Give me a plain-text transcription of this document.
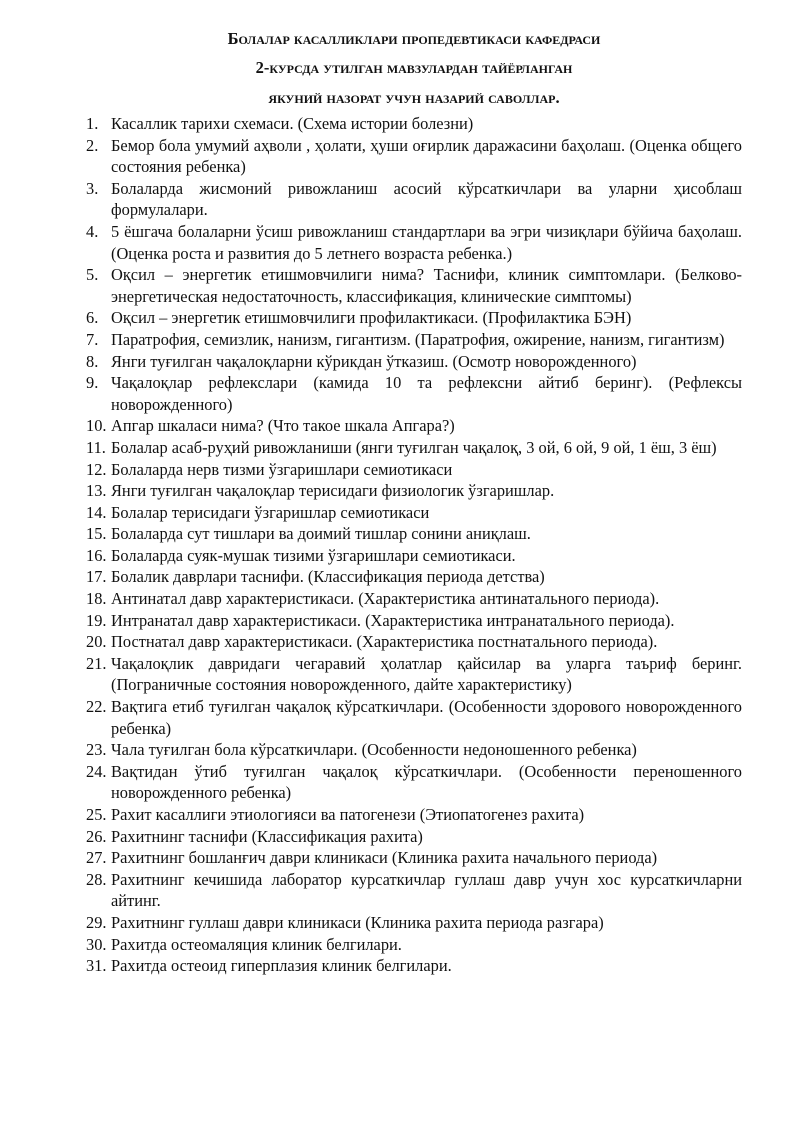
Болалар касалликлари пропедевтикаси кафедраси

2-курсда утилган мавзулардан тайёрланган

якуний назорат учун назарий саволлар.

1. Касаллик тарихи схемаси. (Схема истории болезни)
2. Бемор бола умумий аҳволи , ҳолати, ҳуши оғирлик даражасини баҳолаш. (Оценка общего состояния ребенка)
3. Болаларда жисмоний ривожланиш асосий кўрсаткичлари ва уларни ҳисоблаш формулалари.
4. 5 ёшгача болаларни ўсиш ривожланиш стандартлари ва эгри чизиқлари бўйича баҳолаш. (Оценка роста и развития до 5 летнего возраста ребенка.)
5. Оқсил – энергетик етишмовчилиги нима? Таснифи, клиник симптомлари. (Белково-энергетическая недостаточность, классификация, клинические симптомы)
6. Оқсил – энергетик етишмовчилиги профилактикаси. (Профилактика БЭН)
7. Паратрофия, семизлик, нанизм, гигантизм. (Паратрофия, ожирение, нанизм, гигантизм)
8. Янги туғилган чақалоқларни кўрикдан ўтказиш. (Осмотр новорожденного)
9. Чақалоқлар рефлекслари (камида 10 та рефлексни айтиб беринг). (Рефлексы новорожденного)
10. Апгар шкаласи нима? (Что такое шкала Апгара?)
11. Болалар асаб-руҳий ривожланиши (янги туғилган чақалоқ, 3 ой, 6 ой, 9 ой, 1 ёш, 3 ёш)
12. Болаларда нерв тизми ўзгаришлари семиотикаси
13. Янги туғилган чақалоқлар терисидаги физиологик ўзгаришлар.
14. Болалар терисидаги ўзгаришлар семиотикаси
15. Болаларда сут тишлари ва доимий тишлар сонини аниқлаш.
16. Болаларда суяк-мушак тизими ўзгаришлари семиотикаси.
17. Болалик даврлари таснифи. (Классификация периода детства)
18. Антинатал давр характеристикаси. (Характеристика антинатального периода).
19. Интранатал давр характеристикаси. (Характеристика интранатального периода).
20. Постнатал давр характеристикаси. (Характеристика постнатального периода).
21. Чақалоқлик давридаги чегаравий ҳолатлар қайсилар ва уларга таъриф беринг. (Пограничные состояния новорожденного, дайте характеристику)
22. Вақтига етиб туғилган чақалоқ кўрсаткичлари. (Особенности здорового новорожденного ребенка)
23. Чала туғилган бола кўрсаткичлари. (Особенности недоношенного ребенка)
24. Вақтидан ўтиб туғилган чақалоқ кўрсаткичлари. (Особенности переношенного новорожденного ребенка)
25. Рахит касаллиги этиологияси ва патогенези (Этиопатогенез рахита)
26. Рахитнинг таснифи (Классификация рахита)
27. Рахитнинг бошланғич даври клиникаси (Клиника рахита начального периода)
28. Рахитнинг кечишида лаборатор курсаткичлар гуллаш давр учун хос курсаткичларни айтинг.
29. Рахитнинг гуллаш даври клиникаси (Клиника рахита периода разгара)
30. Рахитда остеомаляция клиник белгилари.
31. Рахитда остеоид гиперплазия клиник белгилари.
